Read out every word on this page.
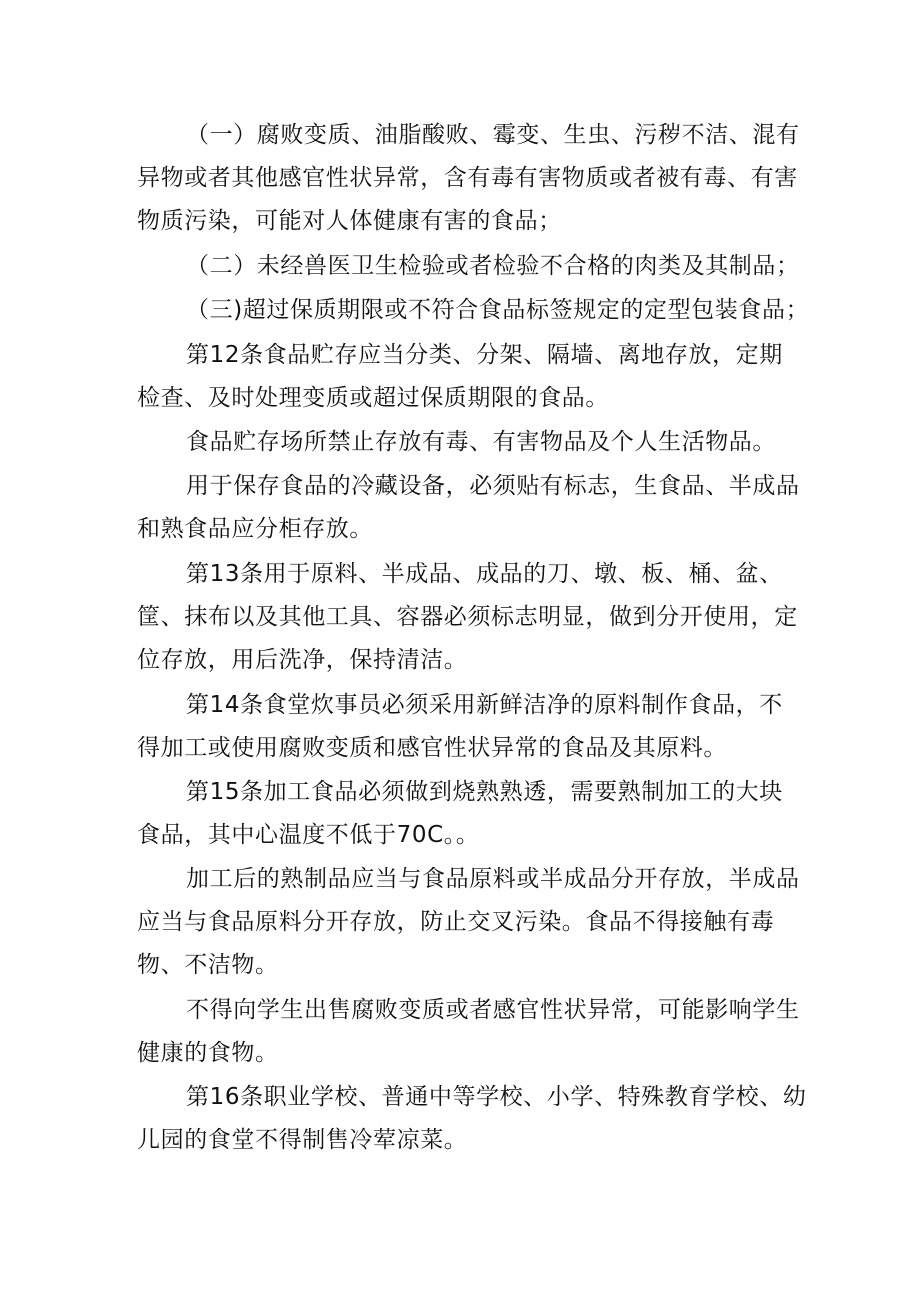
（一）腐败变质、油脂酸败、霉变、生虫、污秽不洁、混有
异物或者其他感官性状异常，含有毒有害物质或者被有毒、有害
物质污染，可能对人体健康有害的食品；
（二）未经兽医卫生检验或者检验不合格的肉类及其制品；
（三)超过保质期限或不符合食品标签规定的定型包装食品；
第12条食品贮存应当分类、分架、隔墙、离地存放，定期
检查、及时处理变质或超过保质期限的食品。
食品贮存场所禁止存放有毒、有害物品及个人生活物品。
用于保存食品的冷藏设备，必须贴有标志，生食品、半成品
和熟食品应分柜存放。
第13条用于原料、半成品、成品的刀、墩、板、桶、盆、
筐、抹布以及其他工具、容器必须标志明显，做到分开使用，定
位存放，用后洗净，保持清洁。
第14条食堂炊事员必须采用新鲜洁净的原料制作食品，不
得加工或使用腐败变质和感官性状异常的食品及其原料。
第15条加工食品必须做到烧熟熟透，需要熟制加工的大块
食品，其中心温度不低于70C。。
加工后的熟制品应当与食品原料或半成品分开存放，半成品
应当与食品原料分开存放，防止交叉污染。食品不得接触有毒
物、不洁物。
不得向学生出售腐败变质或者感官性状异常，可能影响学生
健康的食物。
第16条职业学校、普通中等学校、小学、特殊教育学校、幼
儿园的食堂不得制售冷荤凉菜。
